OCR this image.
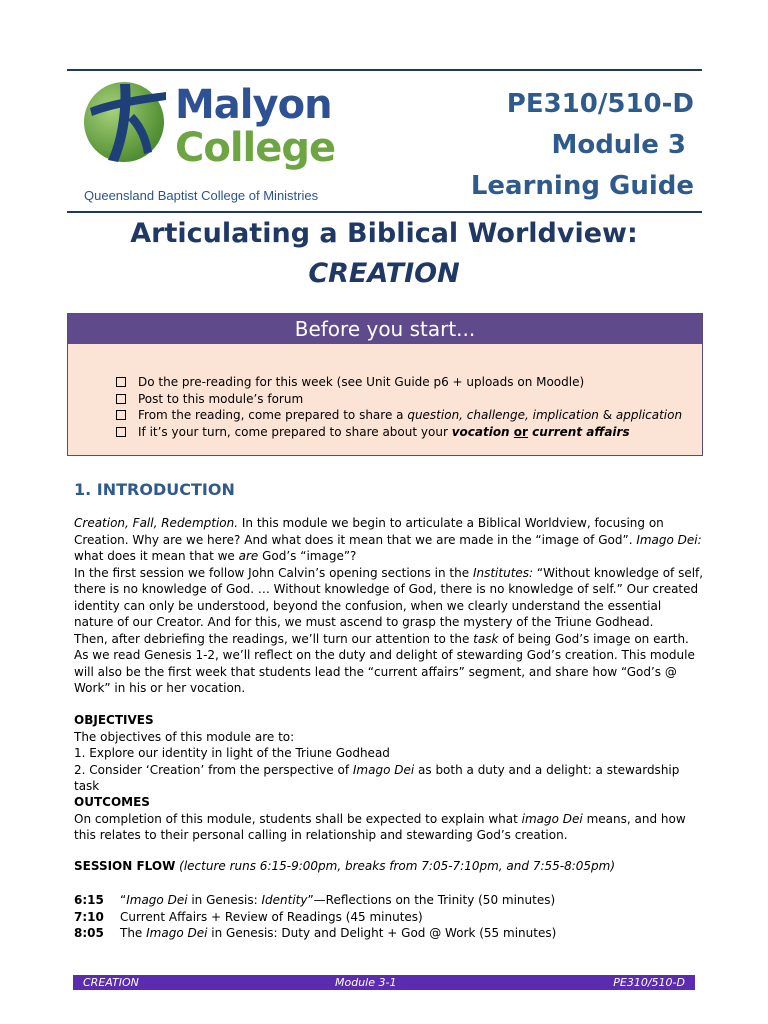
Malyon
College
Queensland Baptist College of Ministries
PE310/510-D
Module 3
Learning Guide
Articulating a Biblical Worldview:
CREATION
Before you start...
Do the pre-reading for this week (see Unit Guide p6 + uploads on Moodle)
Post to this module’s forum
From the reading, come prepared to share a question, challenge, implication & application
If it’s your turn, come prepared to share about your vocation or current affairs
1. INTRODUCTION

Creation, Fall, Redemption. In this module we begin to articulate a Biblical Worldview, focusing on Creation. Why are we here? And what does it mean that we are made in the “image of God”. Imago Dei: what does it mean that we are God’s “image”?

In the first session we follow John Calvin’s opening sections in the Institutes: “Without knowledge of self, there is no knowledge of God. … Without knowledge of God, there is no knowledge of self.” Our created identity can only be understood, beyond the confusion, when we clearly understand the essential nature of our Creator. And for this, we must ascend to grasp the mystery of the Triune Godhead.

Then, after debriefing the readings, we’ll turn our attention to the task of being God’s image on earth. As we read Genesis 1-2, we’ll reflect on the duty and delight of stewarding God’s creation. This module will also be the first week that students lead the “current affairs” segment, and share how “God’s @ Work” in his or her vocation.

OBJECTIVES

The objectives of this module are to:

1. Explore our identity in light of the Triune Godhead

2. Consider ‘Creation’ from the perspective of Imago Dei as both a duty and a delight: a stewardship task

OUTCOMES

On completion of this module, students shall be expected to explain what imago Dei means, and how this relates to their personal calling in relationship and stewarding God’s creation.

SESSION FLOW (lecture runs 6:15-9:00pm, breaks from 7:05-7:10pm, and 7:55-8:05pm)

6:15 “Imago Dei in Genesis: Identity”—Reflections on the Trinity (50 minutes)
7:10 Current Affairs + Review of Readings (45 minutes)
8:05 The Imago Dei in Genesis: Duty and Delight + God @ Work (55 minutes)
CREATION	Module 3-1	PE310/510-D
